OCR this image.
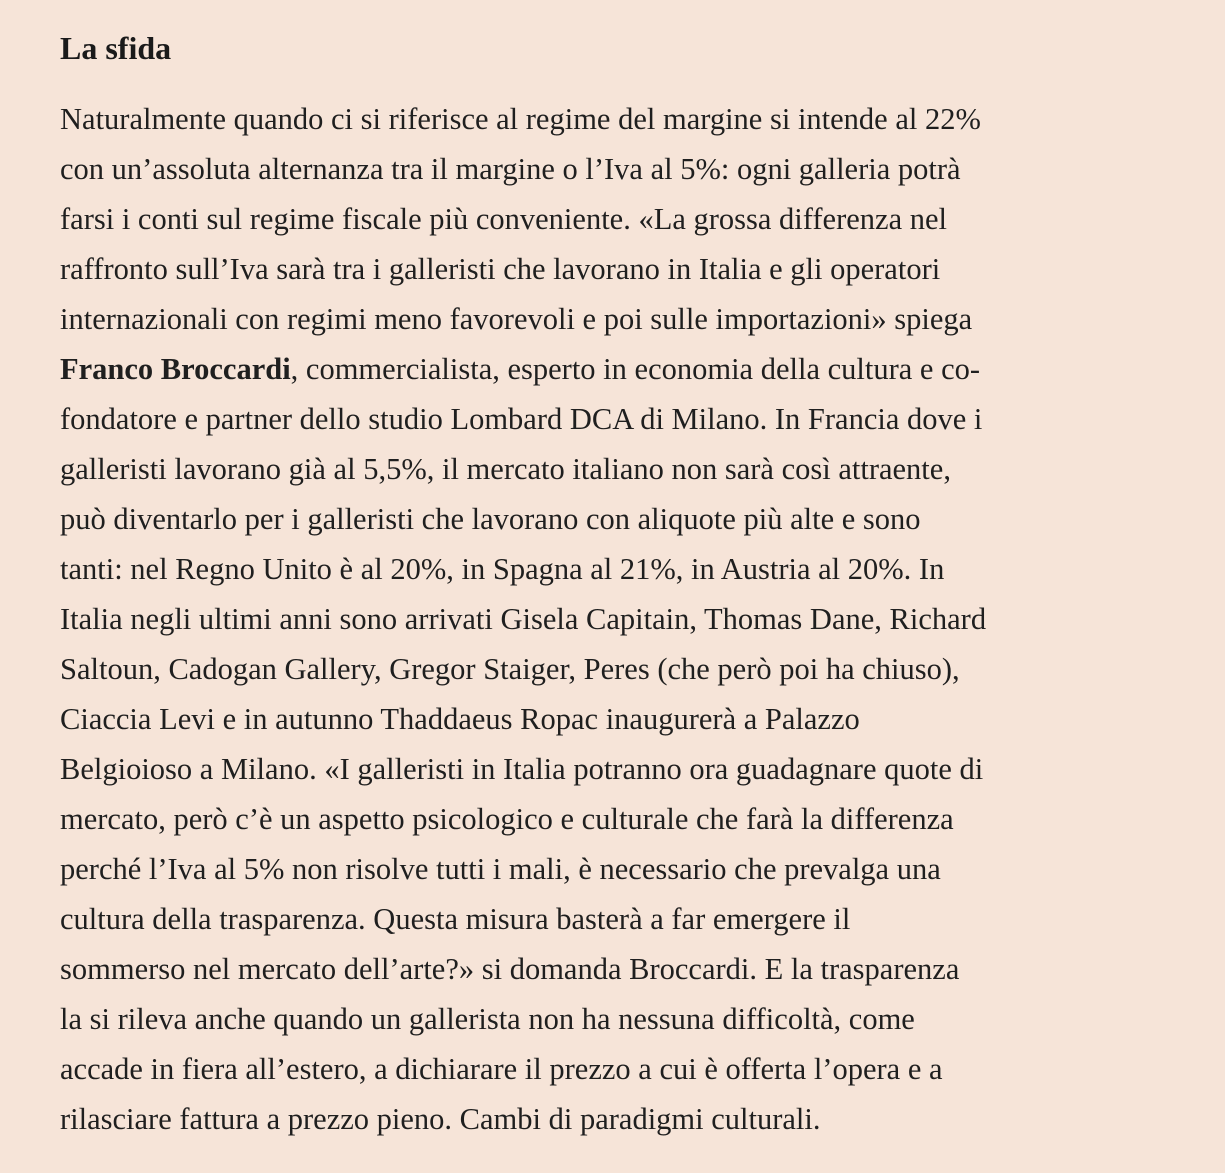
La sfida

Naturalmente quando ci si riferisce al regime del margine si intende al 22%
con un’assoluta alternanza tra il margine o l’Iva al 5%: ogni galleria potrà
farsi i conti sul regime fiscale più conveniente. «La grossa differenza nel
raffronto sull’Iva sarà tra i galleristi che lavorano in Italia e gli operatori
internazionali con regimi meno favorevoli e poi sulle importazioni» spiega
Franco Broccardi, commercialista, esperto in economia della cultura e co-
fondatore e partner dello studio Lombard DCA di Milano. In Francia dove i
galleristi lavorano già al 5,5%, il mercato italiano non sarà così attraente,
può diventarlo per i galleristi che lavorano con aliquote più alte e sono
tanti: nel Regno Unito è al 20%, in Spagna al 21%, in Austria al 20%. In
Italia negli ultimi anni sono arrivati Gisela Capitain, Thomas Dane, Richard
Saltoun, Cadogan Gallery, Gregor Staiger, Peres (che però poi ha chiuso),
Ciaccia Levi e in autunno Thaddaeus Ropac inaugurerà a Palazzo
Belgioioso a Milano. «I galleristi in Italia potranno ora guadagnare quote di
mercato, però c’è un aspetto psicologico e culturale che farà la differenza
perché l’Iva al 5% non risolve tutti i mali, è necessario che prevalga una
cultura della trasparenza. Questa misura basterà a far emergere il
sommerso nel mercato dell’arte?» si domanda Broccardi. E la trasparenza
la si rileva anche quando un gallerista non ha nessuna difficoltà, come
accade in fiera all’estero, a dichiarare il prezzo a cui è offerta l’opera e a
rilasciare fattura a prezzo pieno. Cambi di paradigmi culturali.
